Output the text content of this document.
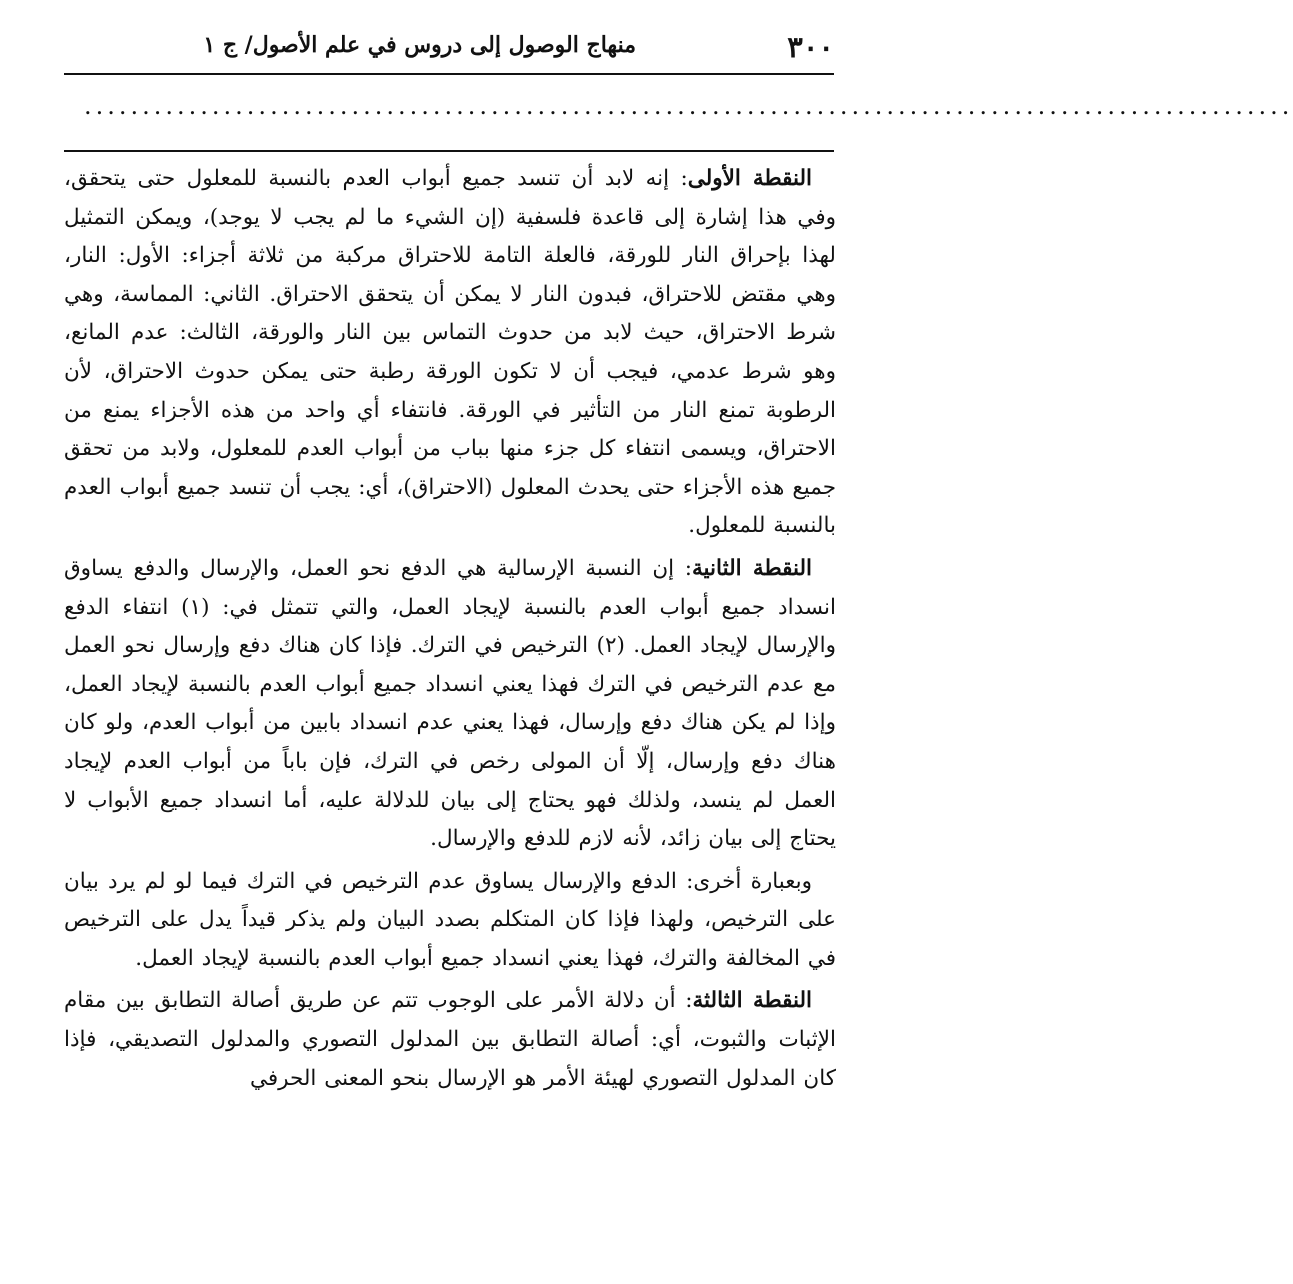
٣٠٠
منهاج الوصول إلى دروس في علم الأصول/ ج ١
........................................................................................................

النقطة الأولى: إنه لابد أن تنسد جميع أبواب العدم بالنسبة للمعلول حتى يتحقق، وفي هذا إشارة إلى قاعدة فلسفية (إن الشيء ما لم يجب لا يوجد)، ويمكن التمثيل لهذا بإحراق النار للورقة، فالعلة التامة للاحتراق مركبة من ثلاثة أجزاء: الأول: النار، وهي مقتض للاحتراق، فبدون النار لا يمكن أن يتحقق الاحتراق. الثاني: المماسة، وهي شرط الاحتراق، حيث لابد من حدوث التماس بين النار والورقة، الثالث: عدم المانع، وهو شرط عدمي، فيجب أن لا تكون الورقة رطبة حتى يمكن حدوث الاحتراق، لأن الرطوبة تمنع النار من التأثير في الورقة. فانتفاء أي واحد من هذه الأجزاء يمنع من الاحتراق، ويسمى انتفاء كل جزء منها بباب من أبواب العدم للمعلول، ولابد من تحقق جميع هذه الأجزاء حتى يحدث المعلول (الاحتراق)، أي: يجب أن تنسد جميع أبواب العدم بالنسبة للمعلول.

النقطة الثانية: إن النسبة الإرسالية هي الدفع نحو العمل، والإرسال والدفع يساوق انسداد جميع أبواب العدم بالنسبة لإيجاد العمل، والتي تتمثل في: (١) انتفاء الدفع والإرسال لإيجاد العمل. (٢) الترخيص في الترك. فإذا كان هناك دفع وإرسال نحو العمل مع عدم الترخيص في الترك فهذا يعني انسداد جميع أبواب العدم بالنسبة لإيجاد العمل، وإذا لم يكن هناك دفع وإرسال، فهذا يعني عدم انسداد بابين من أبواب العدم، ولو كان هناك دفع وإرسال، إلّا أن المولى رخص في الترك، فإن باباً من أبواب العدم لإيجاد العمل لم ينسد، ولذلك فهو يحتاج إلى بيان للدلالة عليه، أما انسداد جميع الأبواب لا يحتاج إلى بيان زائد، لأنه لازم للدفع والإرسال.

وبعبارة أخرى: الدفع والإرسال يساوق عدم الترخيص في الترك فيما لو لم يرد بيان على الترخيص، ولهذا فإذا كان المتكلم بصدد البيان ولم يذكر قيداً يدل على الترخيص في المخالفة والترك، فهذا يعني انسداد جميع أبواب العدم بالنسبة لإيجاد العمل.

النقطة الثالثة: أن دلالة الأمر على الوجوب تتم عن طريق أصالة التطابق بين مقام الإثبات والثبوت، أي: أصالة التطابق بين المدلول التصوري والمدلول التصديقي، فإذا كان المدلول التصوري لهيئة الأمر هو الإرسال بنحو المعنى الحرفي
